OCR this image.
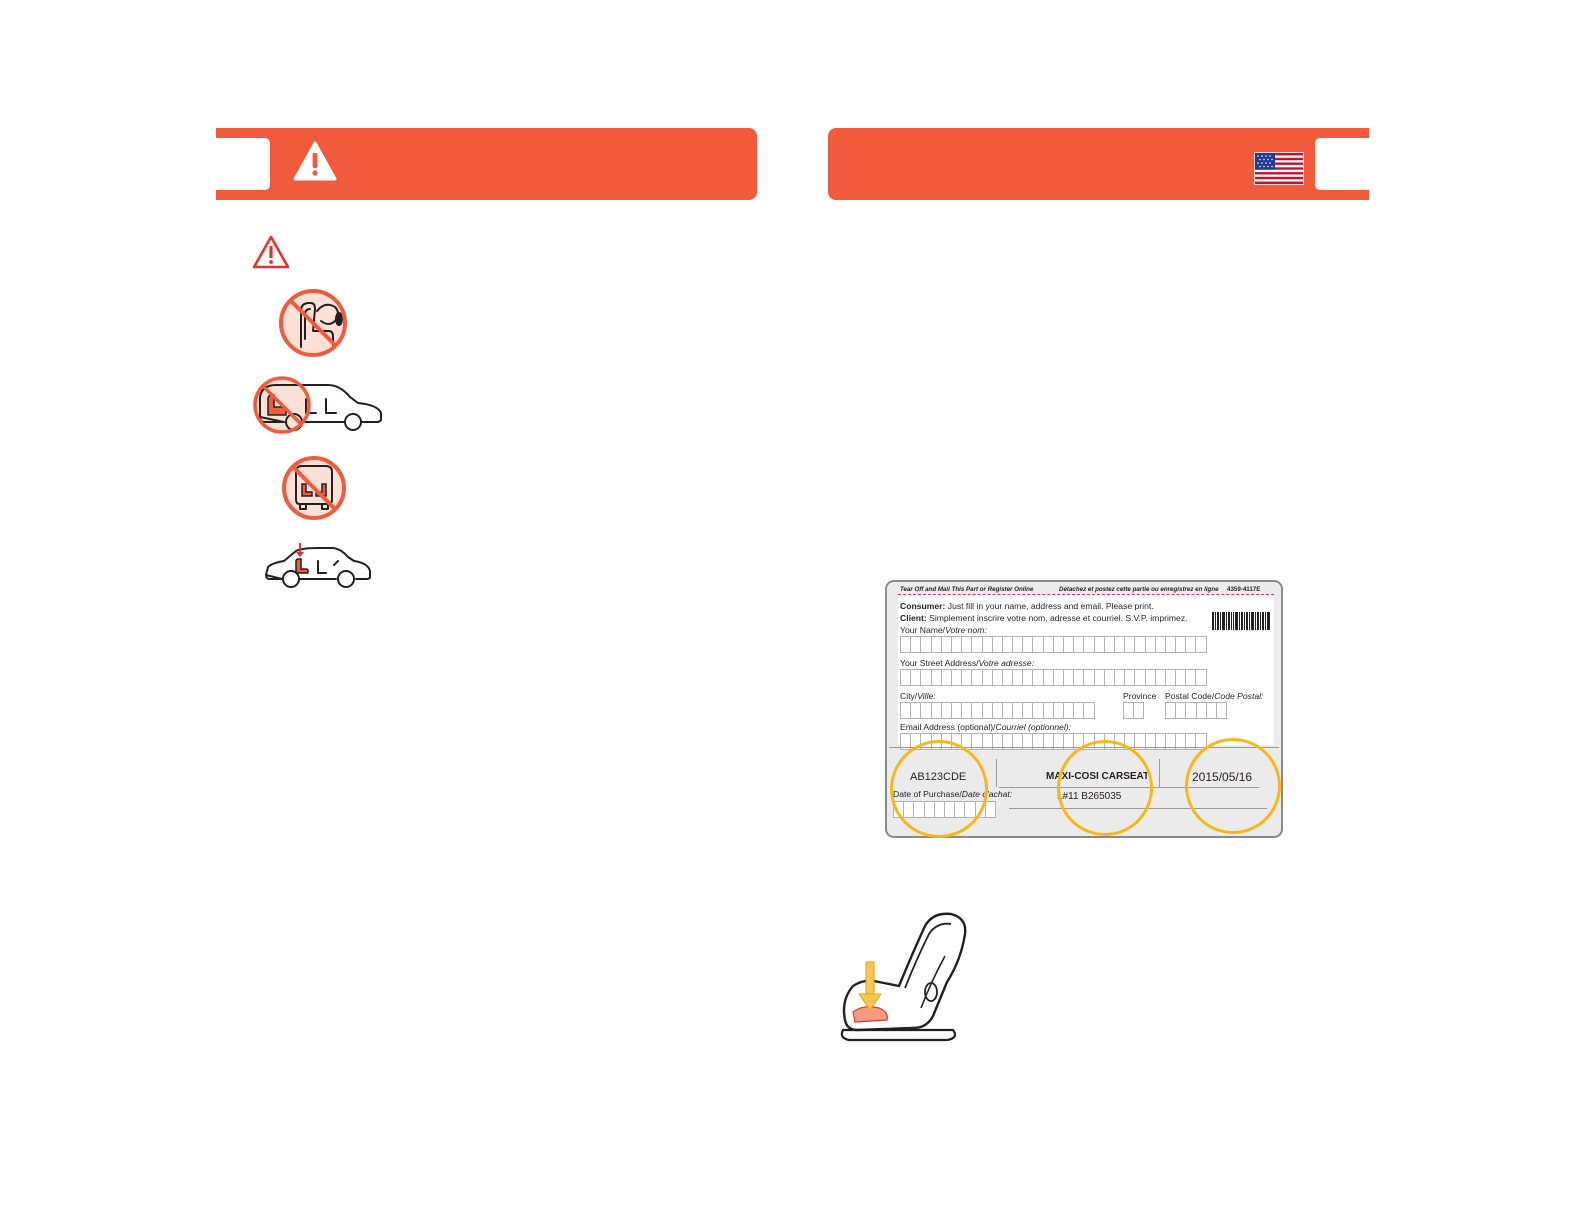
Tear Off and Mail This Part or Register Online	Détachez et postez cette partie ou enregistrez en ligne 4359-4117E
Consumer: Just fill in your name, address and email. Please print.
Client: Simplement inscrire votre nom, adresse et courriel. S.V.P. imprimez.
Your Name/Votre nom:
Your Street Address/Votre adresse:
City/Ville:	Province Postal Code/Code Postal:
Email Address (optional)/Courriel (optionnel):
AB123CDE	MAXI-COSI CARSEAT
L#11 B265035
2015/05/16
Date of Purchase/Date d'achat:
